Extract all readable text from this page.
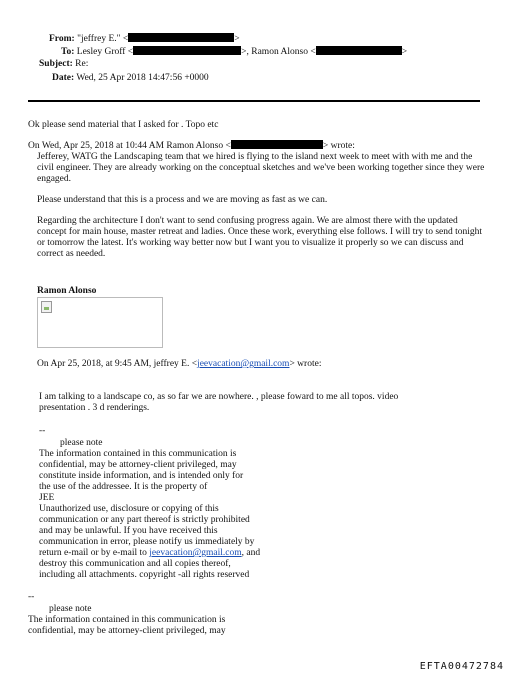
From: "jeffrey E." <	>
To: Lesley Groff <	>, Ramon Alonso <	>
Subject: Re:
Date: Wed, 25 Apr 2018 14:47:56 +0000
Ok please send material that I asked for . Topo etc
On Wed, Apr 25, 2018 at 10:44 AM Ramon Alonso <	> wrote:
Jefferey, WATG the Landscaping team that we hired is flying to the island next week to meet with with me and the civil engineer. They are already working on the conceptual sketches and we've been working together since they were engaged.
Please understand that this is a process and we are moving as fast as we can.
Regarding the architecture I don't want to send confusing progress again. We are almost there with the updated concept for main house, master retreat and ladies. Once these work, everything else follows. I will try to send tonight or tomorrow the latest. It's working way better now but I want you to visualize it properly so we can discuss and correct as needed.
Ramon Alonso
On Apr 25, 2018, at 9:45 AM, jeffrey E. <jeevacation@gmail.com> wrote:
I am talking to a landscape co, as so far we are nowhere. , please foward to me all topos. video
presentation . 3 d renderings.
--
please note
The information contained in this communication is
confidential, may be attorney-client privileged, may
constitute inside information, and is intended only for
the use of the addressee. It is the property of
JEE
Unauthorized use, disclosure or copying of this
communication or any part thereof is strictly prohibited
and may be unlawful. If you have received this
communication in error, please notify us immediately by
return e-mail or by e-mail to jeevacation@gmail.com, and
destroy this communication and all copies thereof,
including all attachments. copyright -all rights reserved
--
please note
The information contained in this communication is
confidential, may be attorney-client privileged, may
EFTA00472784
